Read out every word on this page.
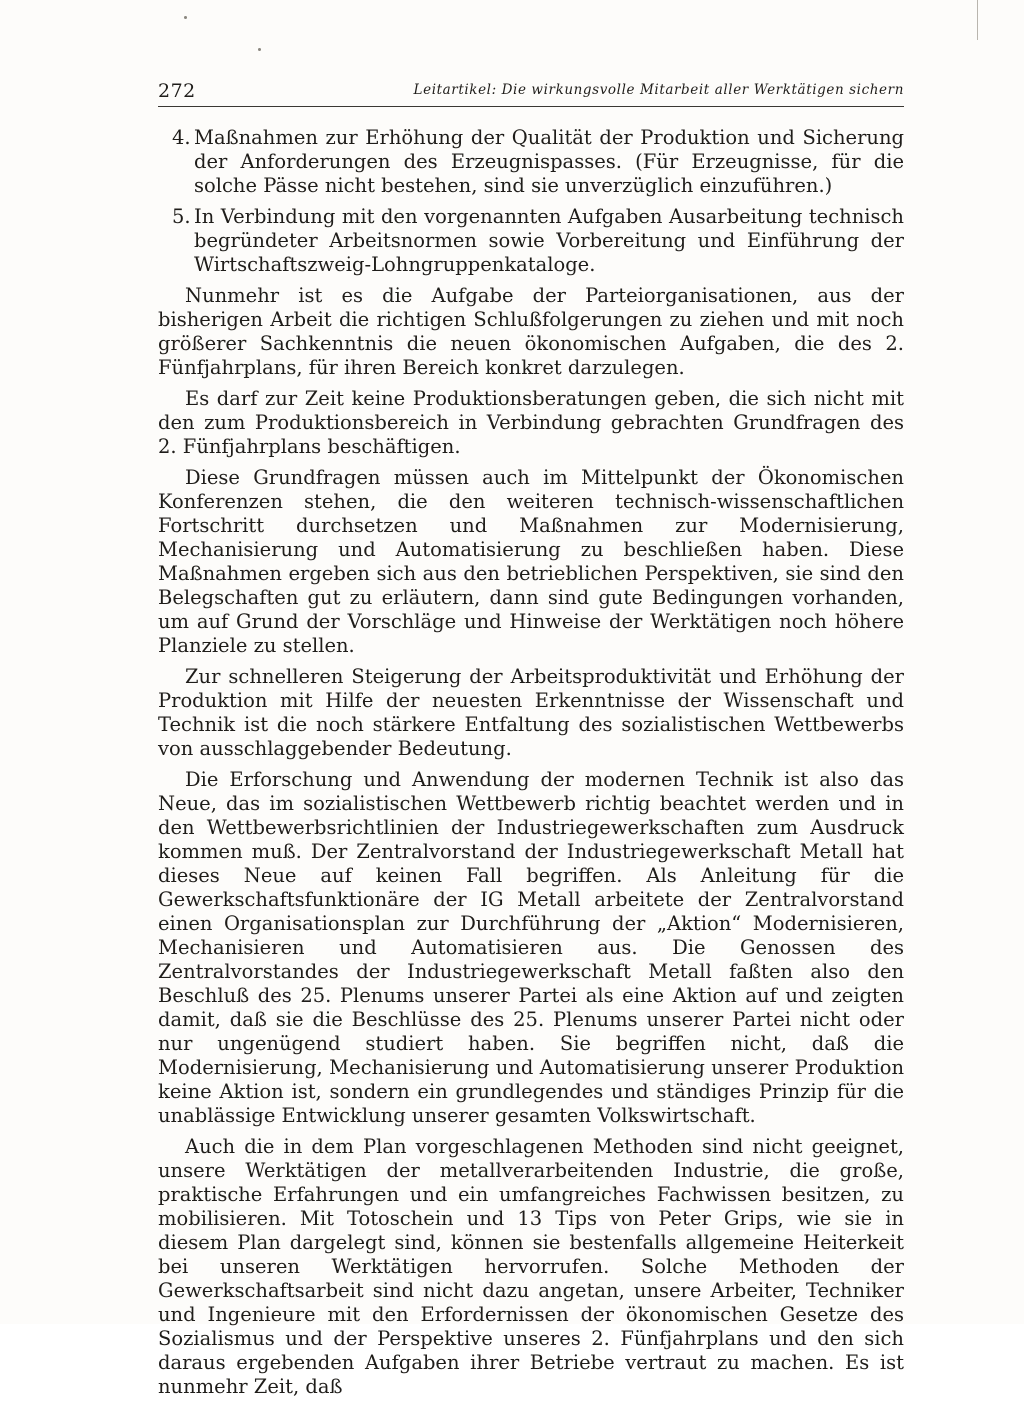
272	Leitartikel: Die wirkungsvolle Mitarbeit aller Werktätigen sichern
4. Maßnahmen zur Erhöhung der Qualität der Produktion und Sicherung der Anforderungen des Erzeugnispasses. (Für Erzeugnisse, für die solche Pässe nicht bestehen, sind sie unverzüglich einzuführen.)
5. In Verbindung mit den vorgenannten Aufgaben Ausarbeitung technisch begründeter Arbeitsnormen sowie Vorbereitung und Einführung der Wirtschaftszweig-Lohngruppenkataloge.

Nunmehr ist es die Aufgabe der Parteiorganisationen, aus der bisherigen Arbeit die richtigen Schlußfolgerungen zu ziehen und mit noch größerer Sachkenntnis die neuen ökonomischen Aufgaben, die des 2. Fünfjahrplans, für ihren Bereich konkret darzulegen.

Es darf zur Zeit keine Produktionsberatungen geben, die sich nicht mit den zum Produktionsbereich in Verbindung gebrachten Grundfragen des 2. Fünfjahrplans beschäftigen.

Diese Grundfragen müssen auch im Mittelpunkt der Ökonomischen Konferenzen stehen, die den weiteren technisch-wissenschaftlichen Fortschritt durchsetzen und Maßnahmen zur Modernisierung, Mechanisierung und Automatisierung zu beschließen haben. Diese Maßnahmen ergeben sich aus den betrieblichen Perspektiven, sie sind den Belegschaften gut zu erläutern, dann sind gute Bedingungen vorhanden, um auf Grund der Vorschläge und Hinweise der Werktätigen noch höhere Planziele zu stellen.

Zur schnelleren Steigerung der Arbeitsproduktivität und Erhöhung der Produktion mit Hilfe der neuesten Erkenntnisse der Wissenschaft und Technik ist die noch stärkere Entfaltung des sozialistischen Wettbewerbs von ausschlaggebender Bedeutung.

Die Erforschung und Anwendung der modernen Technik ist also das Neue, das im sozialistischen Wettbewerb richtig beachtet werden und in den Wettbewerbsrichtlinien der Industriegewerkschaften zum Ausdruck kommen muß. Der Zentralvorstand der Industriegewerkschaft Metall hat dieses Neue auf keinen Fall begriffen. Als Anleitung für die Gewerkschaftsfunktionäre der IG Metall arbeitete der Zentralvorstand einen Organisationsplan zur Durchführung der „Aktion“ Modernisieren, Mechanisieren und Automatisieren aus. Die Genossen des Zentralvorstandes der Industriegewerkschaft Metall faßten also den Beschluß des 25. Plenums unserer Partei als eine Aktion auf und zeigten damit, daß sie die Beschlüsse des 25. Plenums unserer Partei nicht oder nur ungenügend studiert haben. Sie begriffen nicht, daß die Modernisierung, Mechanisierung und Automatisierung unserer Produktion keine Aktion ist, sondern ein grundlegendes und ständiges Prinzip für die unablässige Entwicklung unserer gesamten Volkswirtschaft.

Auch die in dem Plan vorgeschlagenen Methoden sind nicht geeignet, unsere Werktätigen der metallverarbeitenden Industrie, die große, praktische Erfahrungen und ein umfangreiches Fachwissen besitzen, zu mobilisieren. Mit Totoschein und 13 Tips von Peter Grips, wie sie in diesem Plan dargelegt sind, können sie bestenfalls allgemeine Heiterkeit bei unseren Werktätigen hervorrufen. Solche Methoden der Gewerkschaftsarbeit sind nicht dazu angetan, unsere Arbeiter, Techniker und Ingenieure mit den Erfordernissen der ökonomischen Gesetze des Sozialismus und der Perspektive unseres 2. Fünfjahrplans und den sich daraus ergebenden Aufgaben ihrer Betriebe vertraut zu machen. Es ist nunmehr Zeit, daß
